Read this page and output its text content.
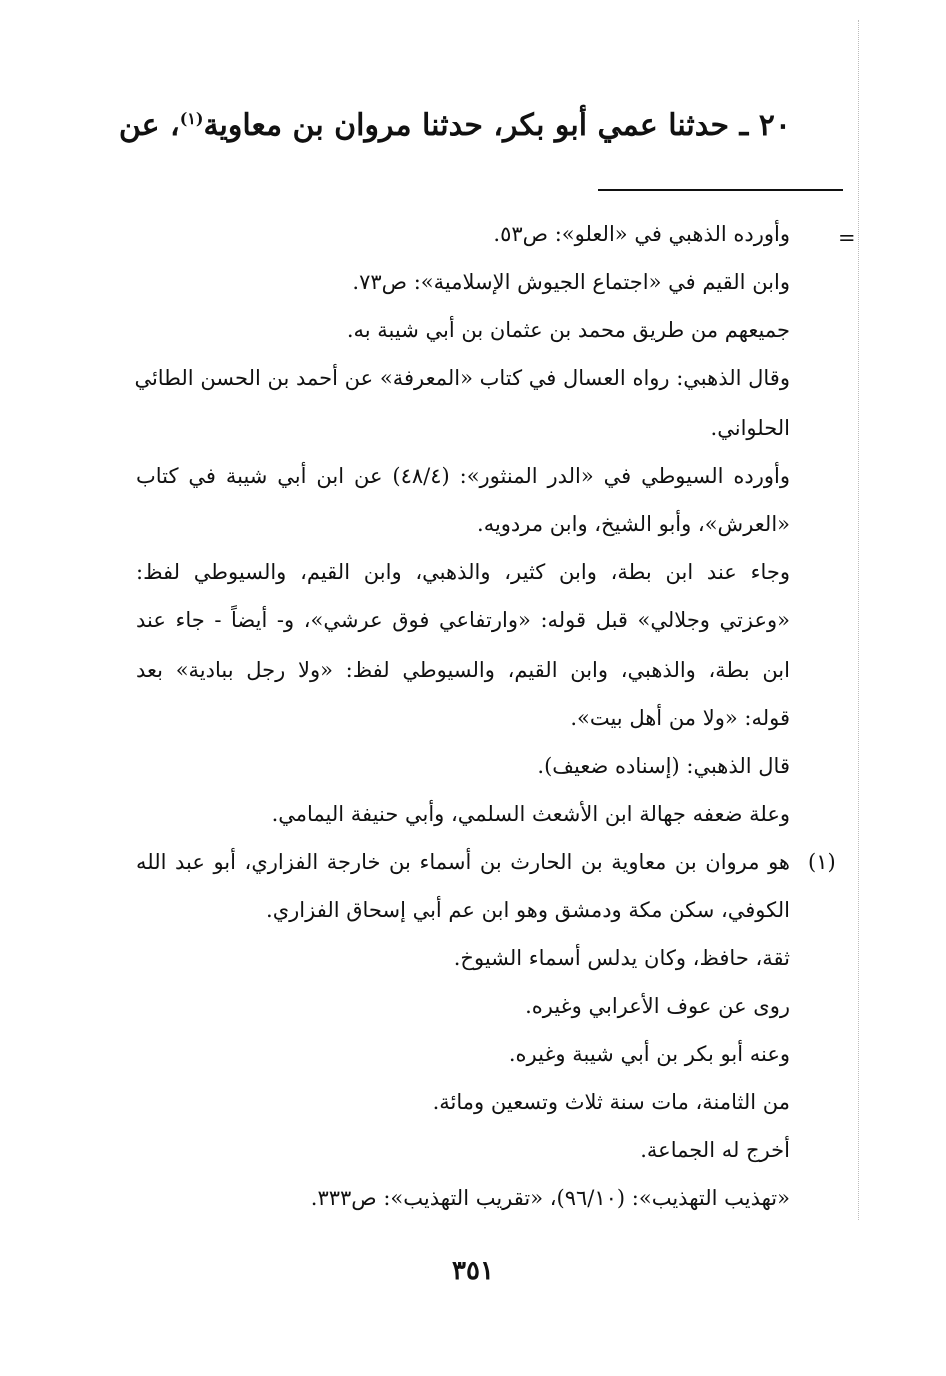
٢٠ ـ حدثنا عمي أبو بكر، حدثنا مروان بن معاوية$^{(١)}$، عن
=
وأورده الذهبي في «العلو»: ص٥٣.
وابن القيم في «اجتماع الجيوش الإسلامية»: ص٧٣.
جميعهم من طريق محمد بن عثمان بن أبي شيبة به.
وقال الذهبي: رواه العسال في كتاب «المعرفة» عن أحمد بن الحسن الطائي
الحلواني.
وأورده السيوطي في «الدر المنثور»: (٤٨/٤) عن ابن أبي شيبة في كتاب
«العرش»، وأبو الشيخ، وابن مردويه.
وجاء عند ابن بطة، وابن كثير، والذهبي، وابن القيم، والسيوطي لفظ:
«وعزتي وجلالي» قبل قوله: «وارتفاعي فوق عرشي»، و- أيضاً - جاء عند
ابن بطة، والذهبي، وابن القيم، والسيوطي لفظ: «ولا رجل ببادية» بعد
قوله: «ولا من أهل بيت».
قال الذهبي: (إسناده ضعيف).
وعلة ضعفه جهالة ابن الأشعث السلمي، وأبي حنيفة اليمامي.
(١)
هو مروان بن معاوية بن الحارث بن أسماء بن خارجة الفزاري، أبو عبد الله
الكوفي، سكن مكة ودمشق وهو ابن عم أبي إسحاق الفزاري.
ثقة، حافظ، وكان يدلس أسماء الشيوخ.
روى عن عوف الأعرابي وغيره.
وعنه أبو بكر بن أبي شيبة وغيره.
من الثامنة، مات سنة ثلاث وتسعين ومائة.
أخرج له الجماعة.
«تهذيب التهذيب»: (٩٦/١٠)، «تقريب التهذيب»: ص٣٣٣.
٣٥١
